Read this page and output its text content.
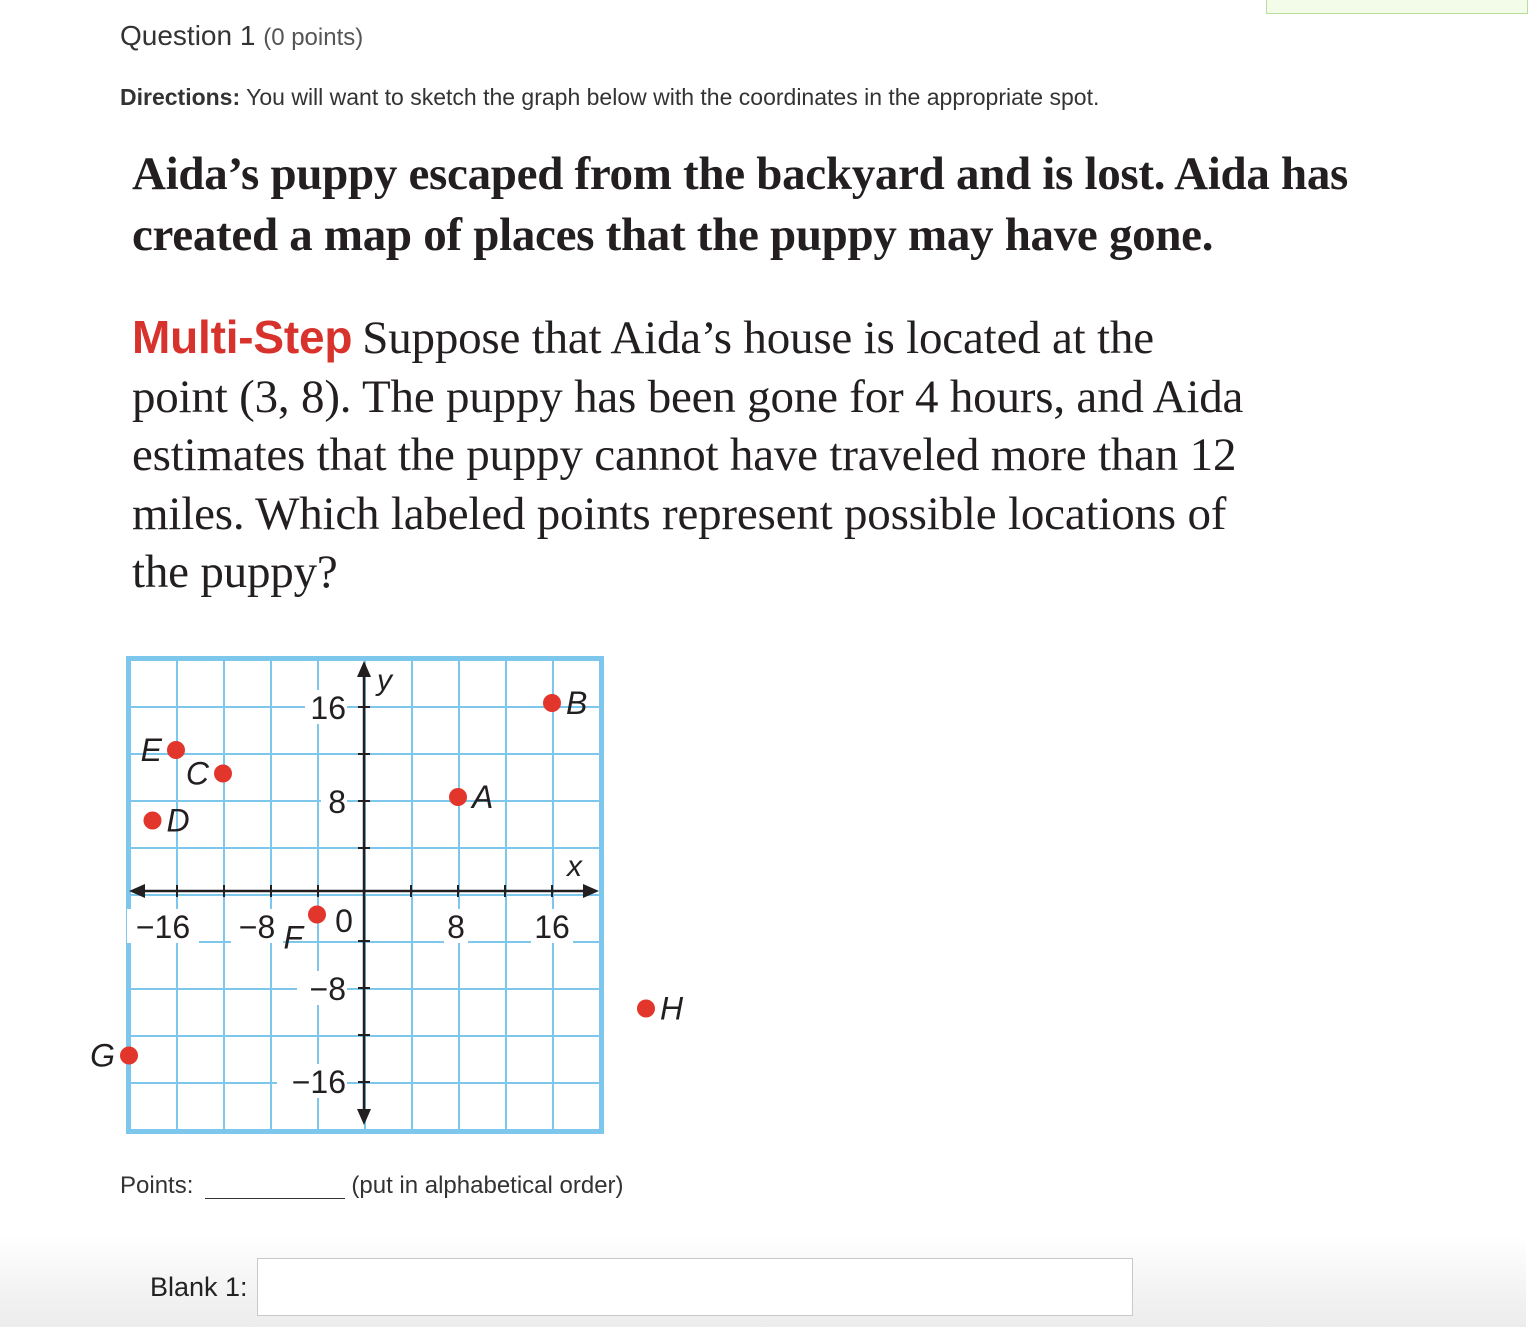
Question 1 (0 points)
Directions: You will want to sketch the graph below with the coordinates in the appropriate spot.
Aida’s puppy escaped from the backyard and is lost. Aida has
created a map of places that the puppy may have gone.
Multi-Step Suppose that Aida’s house is located at the
point (3, 8). The puppy has been gone for 4 hours, and Aida
estimates that the puppy cannot have traveled more than 12
miles. Which labeled points represent possible locations of
the puppy?
x
y
−16 −8 0	8 16
16
8
−8
−16
A
B
C
D
E
F
G
H
Points:	(put in alphabetical order)
Blank 1:
